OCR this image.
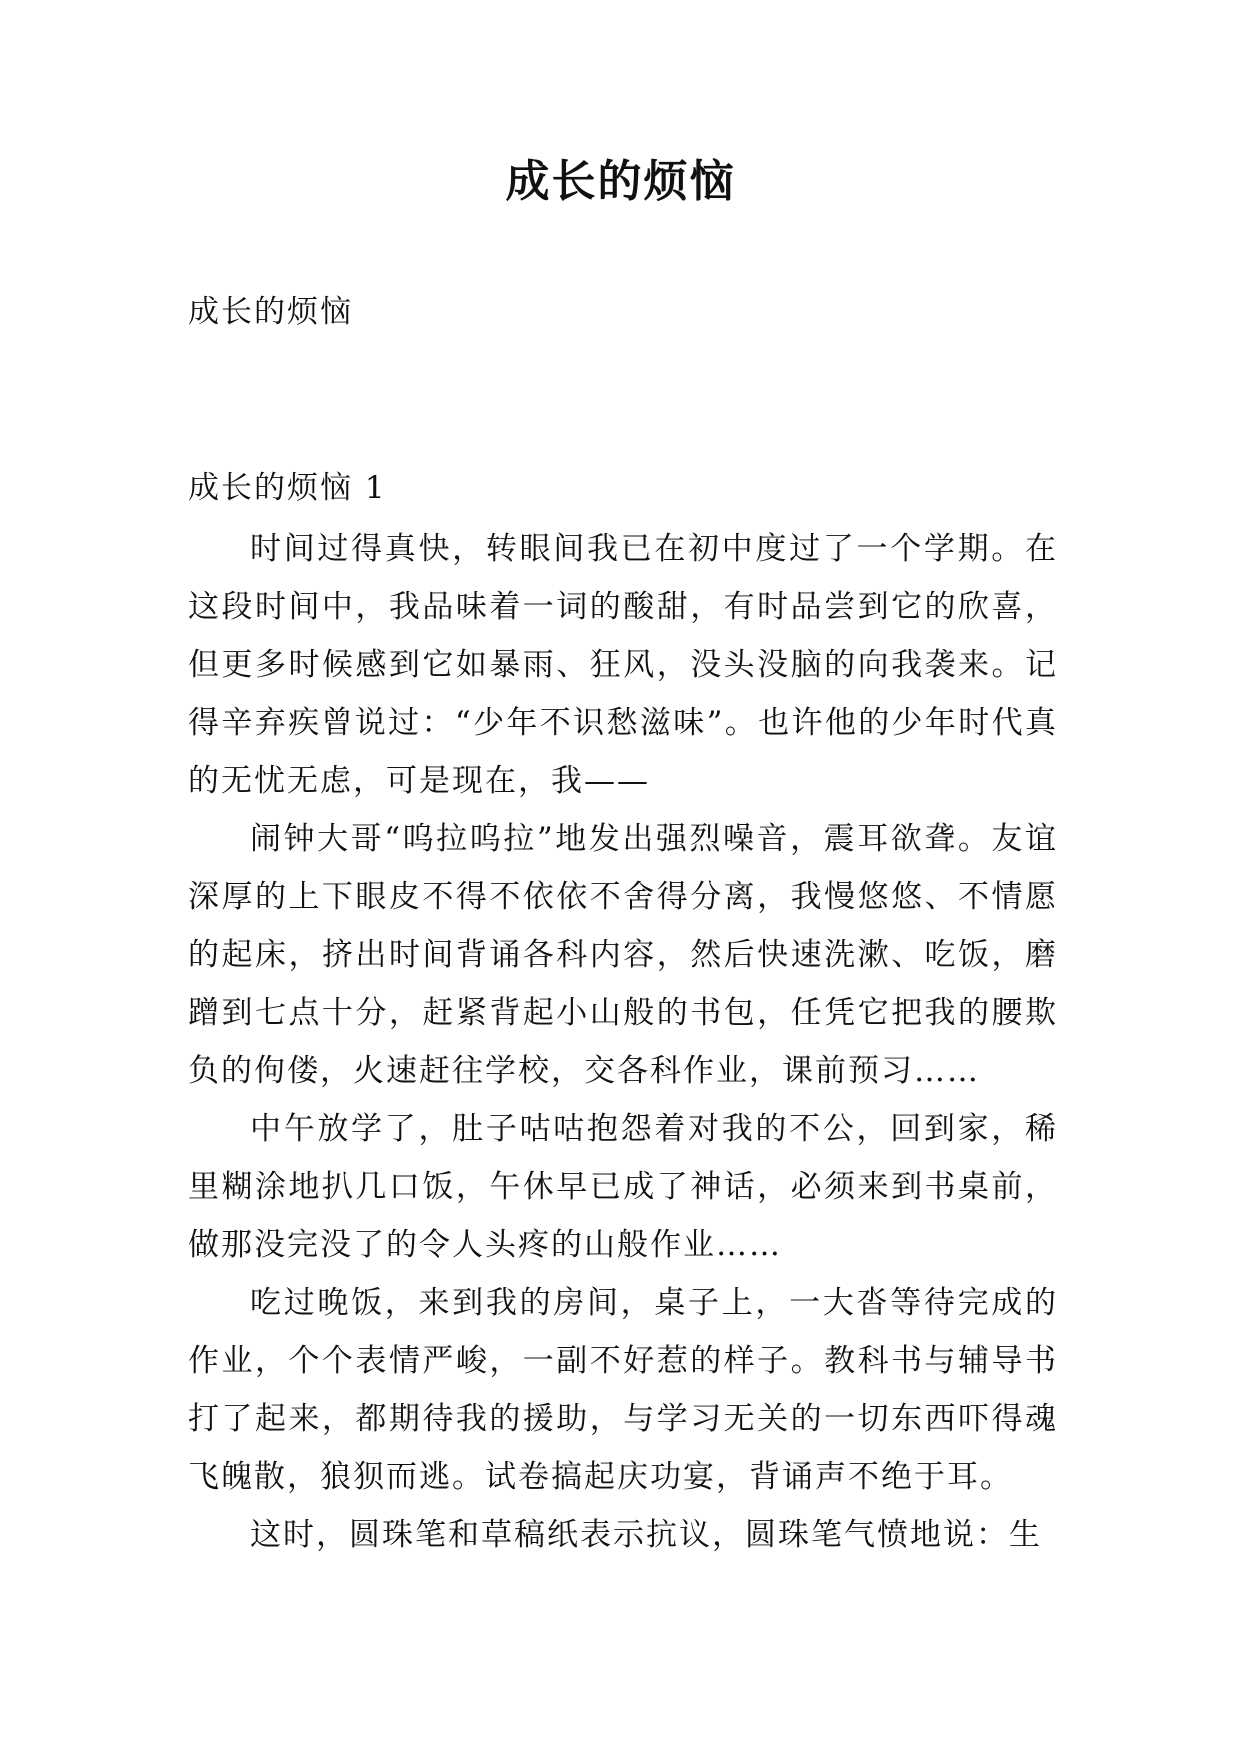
成长的烦恼
成长的烦恼
成长的烦恼 1

时间过得真快，转眼间我已在初中度过了一个学期。在这段时间中，我品味着一词的酸甜，有时品尝到它的欣喜，但更多时候感到它如暴雨、狂风，没头没脑的向我袭来。记得辛弃疾曾说过：“少年不识愁滋味”。也许他的少年时代真的无忧无虑，可是现在，我——

闹钟大哥“呜拉呜拉”地发出强烈噪音，震耳欲聋。友谊深厚的上下眼皮不得不依依不舍得分离，我慢悠悠、不情愿的起床，挤出时间背诵各科内容，然后快速洗漱、吃饭，磨蹭到七点十分，赶紧背起小山般的书包，任凭它把我的腰欺负的佝偻，火速赶往学校，交各科作业，课前预习……

中午放学了，肚子咕咕抱怨着对我的不公，回到家，稀里糊涂地扒几口饭，午休早已成了神话，必须来到书桌前，做那没完没了的令人头疼的山般作业……

吃过晚饭，来到我的房间，桌子上，一大沓等待完成的作业，个个表情严峻，一副不好惹的样子。教科书与辅导书打了起来，都期待我的援助，与学习无关的一切东西吓得魂飞魄散，狼狈而逃。试卷搞起庆功宴，背诵声不绝于耳。

这时，圆珠笔和草稿纸表示抗议，圆珠笔气愤地说：生
